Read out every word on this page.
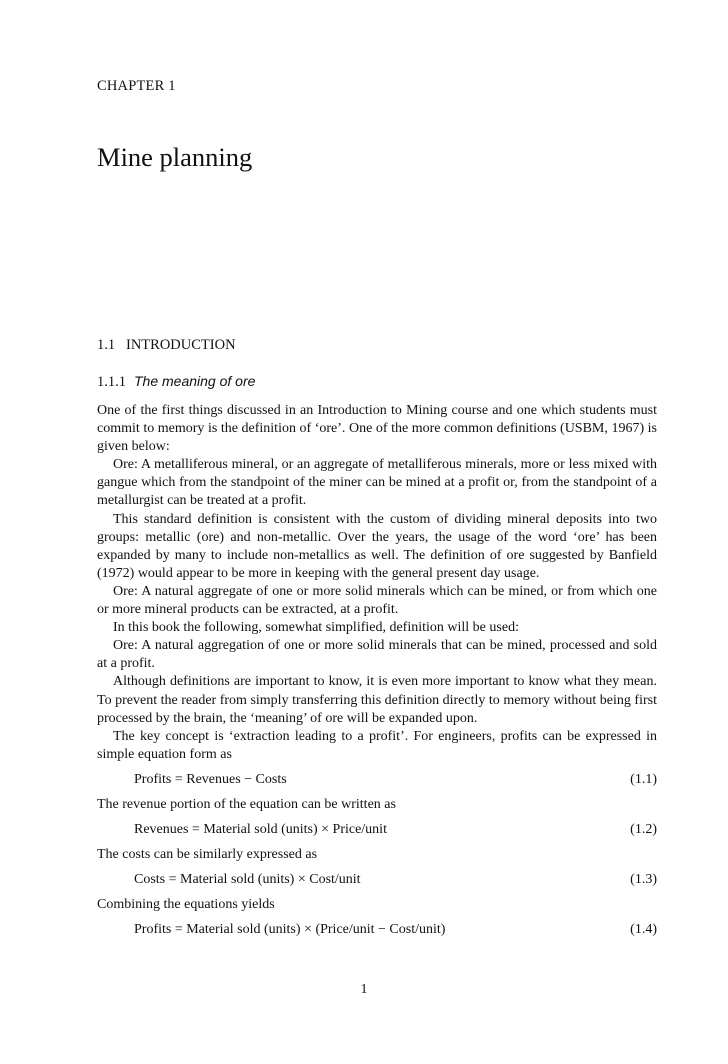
CHAPTER 1
Mine planning
1.1 INTRODUCTION
1.1.1 The meaning of ore

One of the first things discussed in an Introduction to Mining course and one which students must commit to memory is the definition of ‘ore’. One of the more common definitions (USBM, 1967) is given below:

Ore: A metalliferous mineral, or an aggregate of metalliferous minerals, more or less mixed with gangue which from the standpoint of the miner can be mined at a profit or, from the standpoint of a metallurgist can be treated at a profit.

This standard definition is consistent with the custom of dividing mineral deposits into two groups: metallic (ore) and non-metallic. Over the years, the usage of the word ‘ore’ has been expanded by many to include non-metallics as well. The definition of ore suggested by Banfield (1972) would appear to be more in keeping with the general present day usage.

Ore: A natural aggregate of one or more solid minerals which can be mined, or from which one or more mineral products can be extracted, at a profit.

In this book the following, somewhat simplified, definition will be used:

Ore: A natural aggregation of one or more solid minerals that can be mined, processed and sold at a profit.

Although definitions are important to know, it is even more important to know what they mean. To prevent the reader from simply transferring this definition directly to memory without being first processed by the brain, the ‘meaning’ of ore will be expanded upon.

The key concept is ‘extraction leading to a profit’. For engineers, profits can be expressed in simple equation form as

Profits = Revenues − Costs	(1.1)

The revenue portion of the equation can be written as

Revenues = Material sold (units) × Price/unit	(1.2)

The costs can be similarly expressed as

Costs = Material sold (units) × Cost/unit	(1.3)

Combining the equations yields

Profits = Material sold (units) × (Price/unit − Cost/unit)	(1.4)
1
